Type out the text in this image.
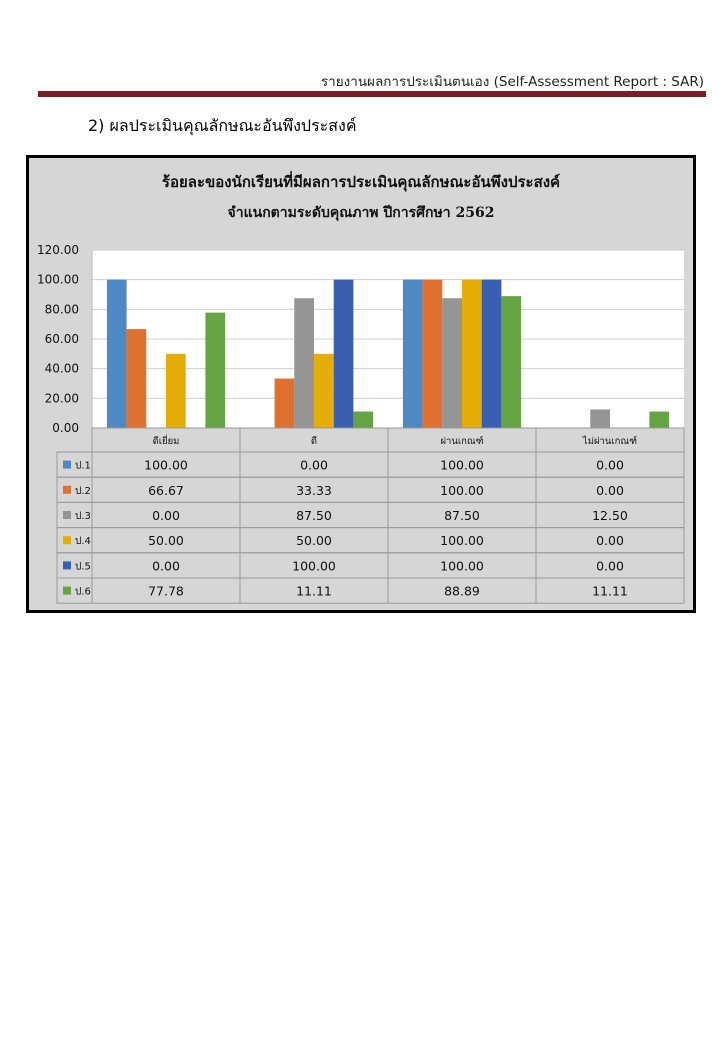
รายงานผลการประเมินตนเอง (Self-Assessment Report : SAR)
2) ผลประเมินคุณลักษณะอันพึงประสงค์
ร้อยละของนักเรียนที่มีผลการประเมินคุณลักษณะอันพึงประสงค์
จำแนกตามระดับคุณภาพ ปีการศึกษา 2562
0.00
20.00
40.00
60.00
80.00
100.00
120.00
ดีเยี่ยม	ดี	ผ่านเกณฑ์	ไม่ผ่านเกณฑ์
ป.1	100.00	0.00	100.00	0.00
ป.2	66.67	33.33	100.00	0.00
ป.3	0.00	87.50	87.50	12.50
ป.4	50.00	50.00	100.00	0.00
ป.5	0.00	100.00	100.00	0.00
ป.6	77.78	11.11	88.89	11.11
